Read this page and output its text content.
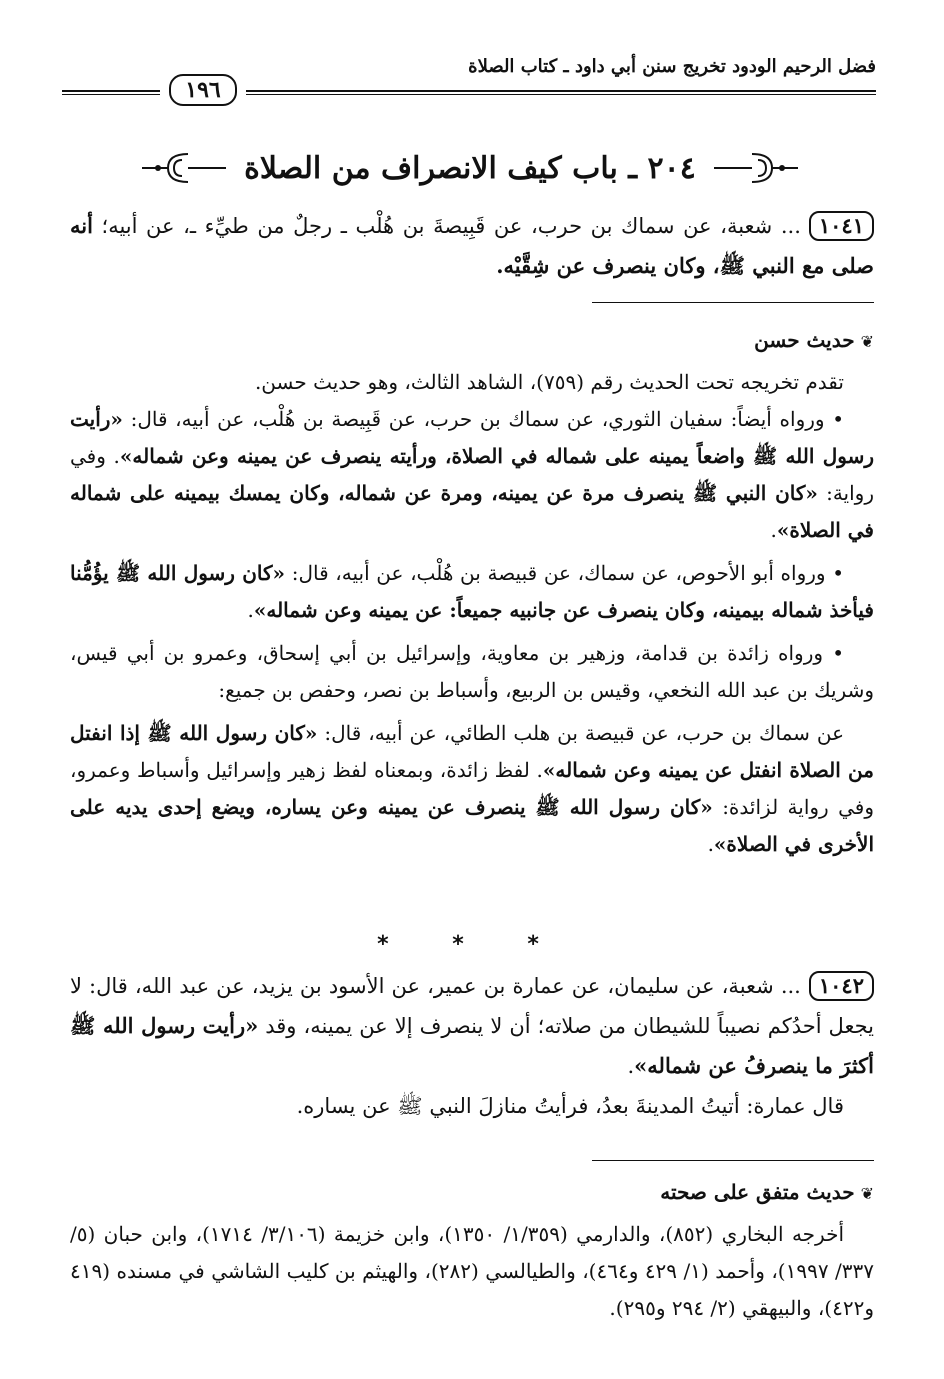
فضل الرحيم الودود تخريج سنن أبي داود ـ كتاب الصلاة
١٩٦
٢٠٤ ـ باب كيف الانصراف من الصلاة
١٠٤١... شعبة، عن سماك بن حرب، عن قَبِيصةَ بن هُلْب ـ رجلٌ من طيِّء ـ، عن أبيه؛ أنه صلى مع النبي ﷺ، وكان ينصرف عن شِقَّيْه.
❦حديث حسن

تقدم تخريجه تحت الحديث رقم (٧٥٩)، الشاهد الثالث، وهو حديث حسن.

• ورواه أيضاً: سفيان الثوري، عن سماك بن حرب، عن قَبِيصة بن هُلْب، عن أبيه، قال: «رأيت رسول الله ﷺ واضعاً يمينه على شماله في الصلاة، ورأيته ينصرف عن يمينه وعن شماله». وفي رواية: «كان النبي ﷺ ينصرف مرة عن يمينه، ومرة عن شماله، وكان يمسك بيمينه على شماله في الصلاة».

• ورواه أبو الأحوص، عن سماك، عن قبيصة بن هُلْب، عن أبيه، قال: «كان رسول الله ﷺ يؤُمُّنا فيأخذ شماله بيمينه، وكان ينصرف عن جانبيه جميعاً: عن يمينه وعن شماله».

• ورواه زائدة بن قدامة، وزهير بن معاوية، وإسرائيل بن أبي إسحاق، وعمرو بن أبي قيس، وشريك بن عبد الله النخعي، وقيس بن الربيع، وأسباط بن نصر، وحفص بن جميع:

عن سماك بن حرب، عن قبيصة بن هلب الطائي، عن أبيه، قال: «كان رسول الله ﷺ إذا انفتل من الصلاة انفتل عن يمينه وعن شماله». لفظ زائدة، وبمعناه لفظ زهير وإسرائيل وأسباط وعمرو، وفي رواية لزائدة: «كان رسول الله ﷺ ينصرف عن يمينه وعن يساره، ويضع إحدى يديه على الأخرى في الصلاة».

* * *
١٠٤٢... شعبة، عن سليمان، عن عمارة بن عمير، عن الأسود بن يزيد، عن عبد الله، قال: لا يجعل أحدُكم نصيباً للشيطان من صلاته؛ أن لا ينصرف إلا عن يمينه، وقد «رأيت رسول الله ﷺ أكثرَ ما ينصرفُ عن شماله».
قال عمارة: أتيتُ المدينةَ بعدُ، فرأيتُ منازلَ النبي ﷺ عن يساره.
❦حديث متفق على صحته

أخرجه البخاري (٨٥٢)، والدارمي (١/٣٥٩/ ١٣٥٠)، وابن خزيمة (٣/١٠٦/ ١٧١٤)، وابن حبان (٥/ ٣٣٧/ ١٩٩٧)، وأحمد (١/ ٤٢٩ و٤٦٤)، والطيالسي (٢٨٢)، والهيثم بن كليب الشاشي في مسنده (٤١٩ و٤٢٢)، والبيهقي (٢/ ٢٩٤ و٢٩٥).
